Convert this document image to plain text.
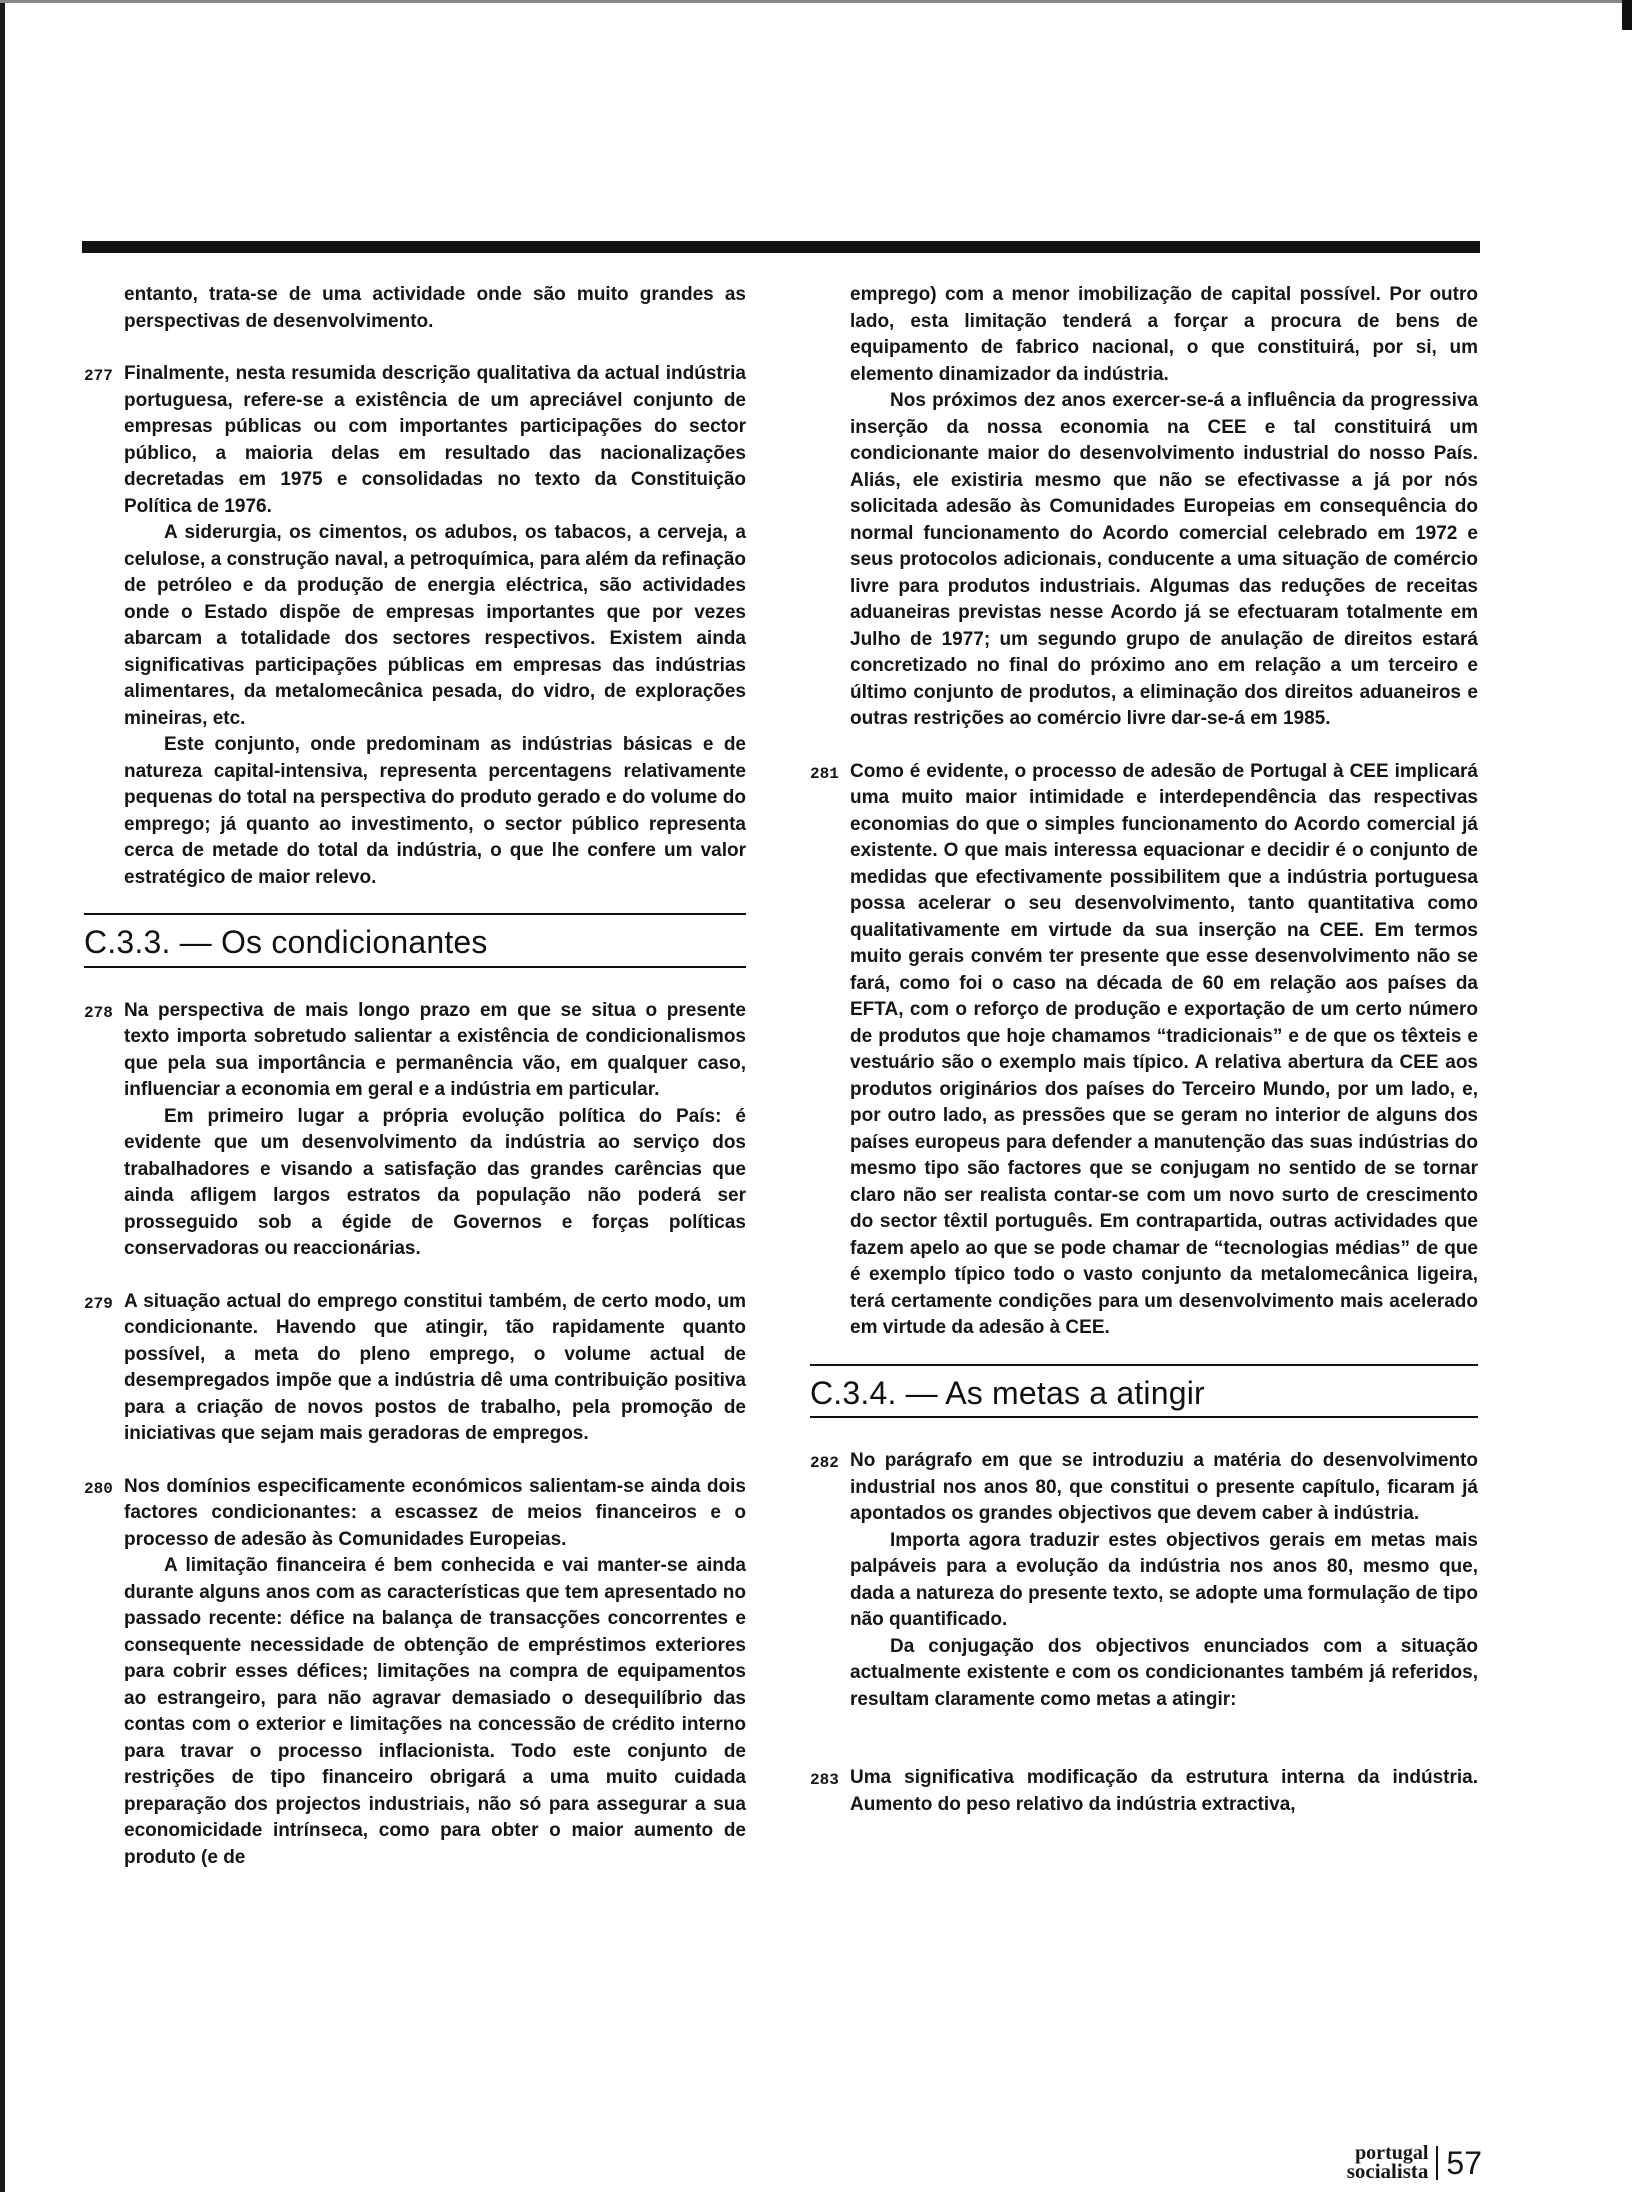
entanto, trata-se de uma actividade onde são muito grandes as perspectivas de desenvolvimento.

277 Finalmente, nesta resumida descrição qualitativa da actual indústria portuguesa, refere-se a existência de um apreciável conjunto de empresas públicas ou com importantes participações do sector público, a maioria delas em resultado das nacionalizações decretadas em 1975 e consolidadas no texto da Constituição Política de 1976.

A siderurgia, os cimentos, os adubos, os tabacos, a cerveja, a celulose, a construção naval, a petroquímica, para além da refinação de petróleo e da produção de energia eléctrica, são actividades onde o Estado dispõe de empresas importantes que por vezes abarcam a totalidade dos sectores respectivos. Existem ainda significativas participações públicas em empresas das indústrias alimentares, da metalomecânica pesada, do vidro, de explorações mineiras, etc.

Este conjunto, onde predominam as indústrias básicas e de natureza capital-intensiva, representa percentagens relativamente pequenas do total na perspectiva do produto gerado e do volume do emprego; já quanto ao investimento, o sector público representa cerca de metade do total da indústria, o que lhe confere um valor estratégico de maior relevo.

C.3.3. — Os condicionantes
278 Na perspectiva de mais longo prazo em que se situa o presente texto importa sobretudo salientar a existência de condicionalismos que pela sua importância e permanência vão, em qualquer caso, influenciar a economia em geral e a indústria em particular.

Em primeiro lugar a própria evolução política do País: é evidente que um desenvolvimento da indústria ao serviço dos trabalhadores e visando a satisfação das grandes carências que ainda afligem largos estratos da população não poderá ser prosseguido sob a égide de Governos e forças políticas conservadoras ou reaccionárias.

279 A situação actual do emprego constitui também, de certo modo, um condicionante. Havendo que atingir, tão rapidamente quanto possível, a meta do pleno emprego, o volume actual de desempregados impõe que a indústria dê uma contribuição positiva para a criação de novos postos de trabalho, pela promoção de iniciativas que sejam mais geradoras de empregos.

280 Nos domínios especificamente económicos salientam-se ainda dois factores condicionantes: a escassez de meios financeiros e o processo de adesão às Comunidades Europeias.

A limitação financeira é bem conhecida e vai manter-se ainda durante alguns anos com as características que tem apresentado no passado recente: défice na balança de transacções concorrentes e consequente necessidade de obtenção de empréstimos exteriores para cobrir esses défices; limitações na compra de equipamentos ao estrangeiro, para não agravar demasiado o desequilíbrio das contas com o exterior e limitações na concessão de crédito interno para travar o processo inflacionista. Todo este conjunto de restrições de tipo financeiro obrigará a uma muito cuidada preparação dos projectos industriais, não só para assegurar a sua economicidade intrínseca, como para obter o maior aumento de produto (e de

emprego) com a menor imobilização de capital possível. Por outro lado, esta limitação tenderá a forçar a procura de bens de equipamento de fabrico nacional, o que constituirá, por si, um elemento dinamizador da indústria.

Nos próximos dez anos exercer-se-á a influência da progressiva inserção da nossa economia na CEE e tal constituirá um condicionante maior do desenvolvimento industrial do nosso País. Aliás, ele existiria mesmo que não se efectivasse a já por nós solicitada adesão às Comunidades Europeias em consequência do normal funcionamento do Acordo comercial celebrado em 1972 e seus protocolos adicionais, conducente a uma situação de comércio livre para produtos industriais. Algumas das reduções de receitas aduaneiras previstas nesse Acordo já se efectuaram totalmente em Julho de 1977; um segundo grupo de anulação de direitos estará concretizado no final do próximo ano em relação a um terceiro e último conjunto de produtos, a eliminação dos direitos aduaneiros e outras restrições ao comércio livre dar-se-á em 1985.

281 Como é evidente, o processo de adesão de Portugal à CEE implicará uma muito maior intimidade e interdependência das respectivas economias do que o simples funcionamento do Acordo comercial já existente. O que mais interessa equacionar e decidir é o conjunto de medidas que efectivamente possibilitem que a indústria portuguesa possa acelerar o seu desenvolvimento, tanto quantitativa como qualitativamente em virtude da sua inserção na CEE. Em termos muito gerais convém ter presente que esse desenvolvimento não se fará, como foi o caso na década de 60 em relação aos países da EFTA, com o reforço de produção e exportação de um certo número de produtos que hoje chamamos “tradicionais” e de que os têxteis e vestuário são o exemplo mais típico. A relativa abertura da CEE aos produtos originários dos países do Terceiro Mundo, por um lado, e, por outro lado, as pressões que se geram no interior de alguns dos países europeus para defender a manutenção das suas indústrias do mesmo tipo são factores que se conjugam no sentido de se tornar claro não ser realista contar-se com um novo surto de crescimento do sector têxtil português. Em contrapartida, outras actividades que fazem apelo ao que se pode chamar de “tecnologias médias” de que é exemplo típico todo o vasto conjunto da metalomecânica ligeira, terá certamente condições para um desenvolvimento mais acelerado em virtude da adesão à CEE.

C.3.4. — As metas a atingir
282 No parágrafo em que se introduziu a matéria do desenvolvimento industrial nos anos 80, que constitui o presente capítulo, ficaram já apontados os grandes objectivos que devem caber à indústria.

Importa agora traduzir estes objectivos gerais em metas mais palpáveis para a evolução da indústria nos anos 80, mesmo que, dada a natureza do presente texto, se adopte uma formulação de tipo não quantificado.

Da conjugação dos objectivos enunciados com a situação actualmente existente e com os condicionantes também já referidos, resultam claramente como metas a atingir:

283 Uma significativa modificação da estrutura interna da indústria. Aumento do peso relativo da indústria extractiva,

portugal
socialista 57
